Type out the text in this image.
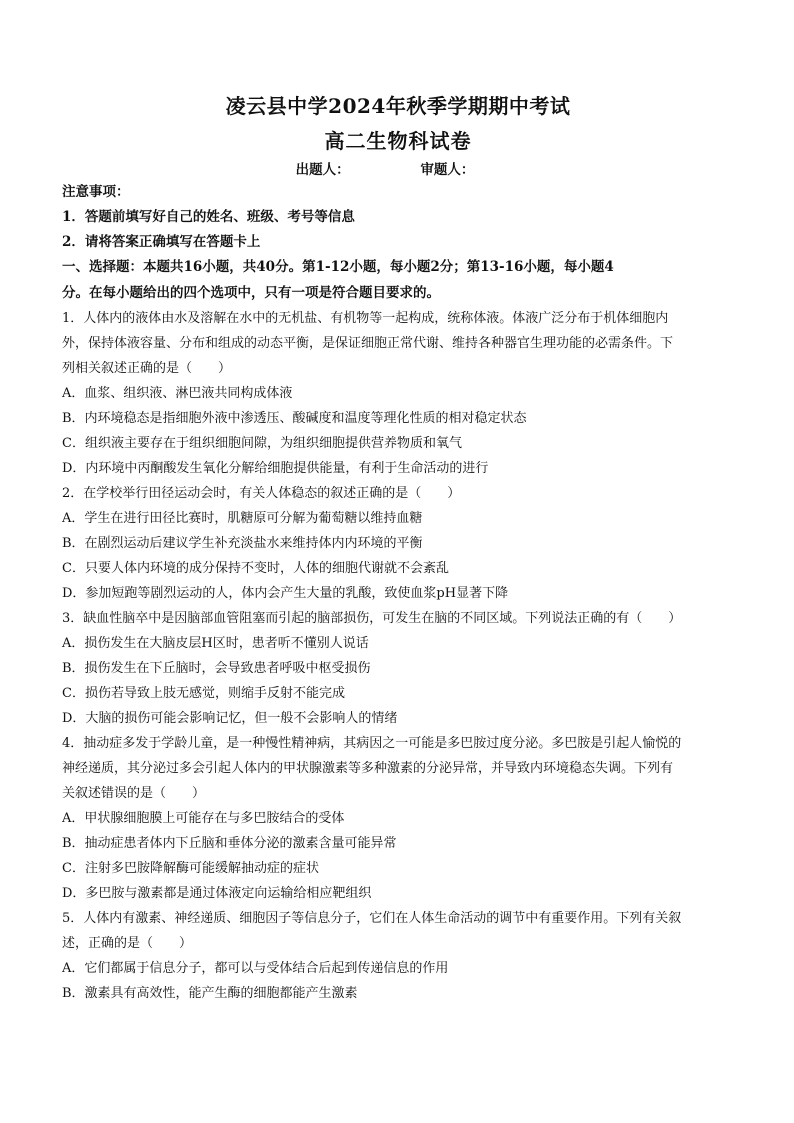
凌云县中学2024年秋季学期期中考试
高二生物科试卷
出题人：	审题人：
注意事项：
1．答题前填写好自己的姓名、班级、考号等信息
2．请将答案正确填写在答题卡上
一、选择题：本题共16小题，共40分。第1-12小题，每小题2分；第13-16小题，每小题4
分。在每小题给出的四个选项中，只有一项是符合题目要求的。
1．人体内的液体由水及溶解在水中的无机盐、有机物等一起构成，统称体液。体液广泛分布于机体细胞内
外，保持体液容量、分布和组成的动态平衡，是保证细胞正常代谢、维持各种器官生理功能的必需条件。下
列相关叙述正确的是（　　）
A．血浆、组织液、淋巴液共同构成体液
B．内环境稳态是指细胞外液中渗透压、酸碱度和温度等理化性质的相对稳定状态
C．组织液主要存在于组织细胞间隙，为组织细胞提供营养物质和氧气
D．内环境中丙酮酸发生氧化分解给细胞提供能量，有利于生命活动的进行
2．在学校举行田径运动会时，有关人体稳态的叙述正确的是（　　）
A．学生在进行田径比赛时，肌糖原可分解为葡萄糖以维持血糖
B．在剧烈运动后建议学生补充淡盐水来维持体内内环境的平衡
C．只要人体内环境的成分保持不变时，人体的细胞代谢就不会紊乱
D．参加短跑等剧烈运动的人，体内会产生大量的乳酸，致使血浆pH显著下降
3．缺血性脑卒中是因脑部血管阻塞而引起的脑部损伤，可发生在脑的不同区域。下列说法正确的有（　　）
A．损伤发生在大脑皮层H区时，患者听不懂别人说话
B．损伤发生在下丘脑时，会导致患者呼吸中枢受损伤
C．损伤若导致上肢无感觉，则缩手反射不能完成
D．大脑的损伤可能会影响记忆，但一般不会影响人的情绪
4．抽动症多发于学龄儿童，是一种慢性精神病，其病因之一可能是多巴胺过度分泌。多巴胺是引起人愉悦的
神经递质，其分泌过多会引起人体内的甲状腺激素等多种激素的分泌异常，并导致内环境稳态失调。下列有
关叙述错误的是（　　）
A．甲状腺细胞膜上可能存在与多巴胺结合的受体
B．抽动症患者体内下丘脑和垂体分泌的激素含量可能异常
C．注射多巴胺降解酶可能缓解抽动症的症状
D．多巴胺与激素都是通过体液定向运输给相应靶组织
5．人体内有激素、神经递质、细胞因子等信息分子，它们在人体生命活动的调节中有重要作用。下列有关叙
述，正确的是（　　）
A．它们都属于信息分子，都可以与受体结合后起到传递信息的作用
B．激素具有高效性，能产生酶的细胞都能产生激素
